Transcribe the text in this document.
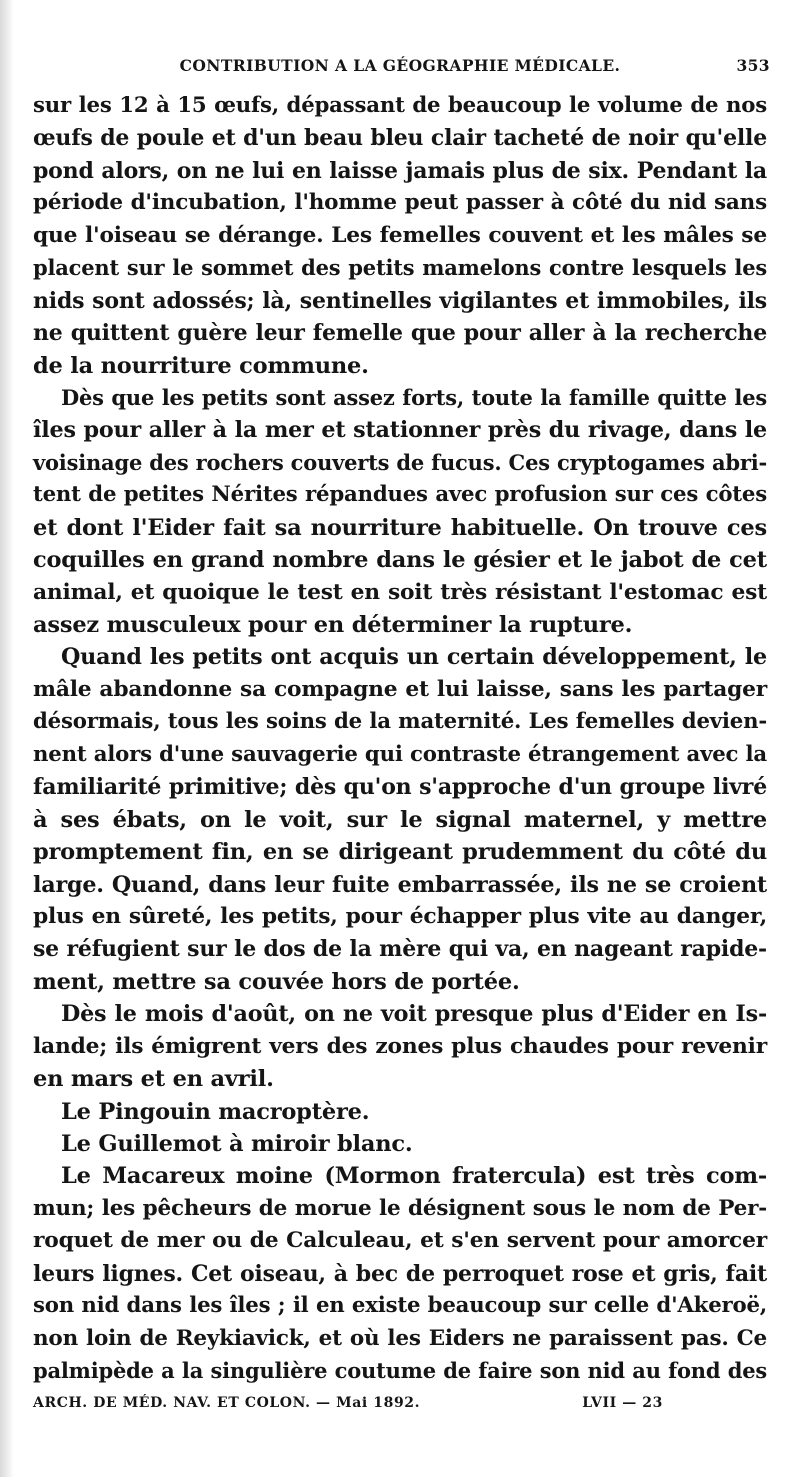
CONTRIBUTION A LA GÉOGRAPHIE MÉDICALE.	353
sur les 12 à 15 œufs, dépassant de beaucoup le volume de nos
œufs de poule et d'un beau bleu clair tacheté de noir qu'elle
pond alors, on ne lui en laisse jamais plus de six. Pendant la
période d'incubation, l'homme peut passer à côté du nid sans
que l'oiseau se dérange. Les femelles couvent et les mâles se
placent sur le sommet des petits mamelons contre lesquels les
nids sont adossés; là, sentinelles vigilantes et immobiles, ils
ne quittent guère leur femelle que pour aller à la recherche
de la nourriture commune.
Dès que les petits sont assez forts, toute la famille quitte les
îles pour aller à la mer et stationner près du rivage, dans le
voisinage des rochers couverts de fucus. Ces cryptogames abri-
tent de petites Nérites répandues avec profusion sur ces côtes
et dont l'Eider fait sa nourriture habituelle. On trouve ces
coquilles en grand nombre dans le gésier et le jabot de cet
animal, et quoique le test en soit très résistant l'estomac est
assez musculeux pour en déterminer la rupture.
Quand les petits ont acquis un certain développement, le
mâle abandonne sa compagne et lui laisse, sans les partager
désormais, tous les soins de la maternité. Les femelles devien-
nent alors d'une sauvagerie qui contraste étrangement avec la
familiarité primitive; dès qu'on s'approche d'un groupe livré
à ses ébats, on le voit, sur le signal maternel, y mettre
promptement fin, en se dirigeant prudemment du côté du
large. Quand, dans leur fuite embarrassée, ils ne se croient
plus en sûreté, les petits, pour échapper plus vite au danger,
se réfugient sur le dos de la mère qui va, en nageant rapide-
ment, mettre sa couvée hors de portée.
Dès le mois d'août, on ne voit presque plus d'Eider en Is-
lande; ils émigrent vers des zones plus chaudes pour revenir
en mars et en avril.
Le Pingouin macroptère.
Le Guillemot à miroir blanc.
Le Macareux moine (Mormon fratercula) est très com-
mun; les pêcheurs de morue le désignent sous le nom de Per-
roquet de mer ou de Calculeau, et s'en servent pour amorcer
leurs lignes. Cet oiseau, à bec de perroquet rose et gris, fait
son nid dans les îles ; il en existe beaucoup sur celle d'Akeroë,
non loin de Reykiavick, et où les Eiders ne paraissent pas. Ce
palmipède a la singulière coutume de faire son nid au fond des
ARCH. DE MÉD. NAV. ET COLON. — Mai 1892.	LVII — 23
